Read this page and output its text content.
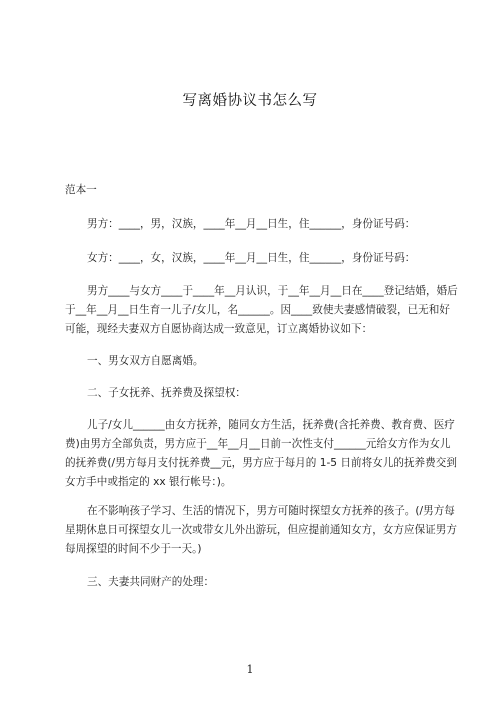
写离婚协议书怎么写
范本一
男方：____，男，汉族，____年__月__日生，住______，身份证号码：
女方：____，女，汉族，____年__月__日生，住______，身份证号码：
男方____与女方____于____年__月认识，于__年__月__日在____登记结婚，婚后
于__年__月__日生育一儿子/女儿，名______。因____致使夫妻感情破裂，已无和好
可能，现经夫妻双方自愿协商达成一致意见，订立离婚协议如下：
一、男女双方自愿离婚。
二、子女抚养、抚养费及探望权：
儿子/女儿______由女方抚养，随同女方生活，抚养费(含托养费、教育费、医疗
费)由男方全部负责，男方应于__年__月__日前一次性支付______元给女方作为女儿
的抚养费(/男方每月支付抚养费__元，男方应于每月的 1-5 日前将女儿的抚养费交到
女方手中或指定的 xx 银行帐号：)。
在不影响孩子学习、生活的情况下，男方可随时探望女方抚养的孩子。(/男方每
星期休息日可探望女儿一次或带女儿外出游玩，但应提前通知女方，女方应保证男方
每周探望的时间不少于一天。)
三、夫妻共同财产的处理：
1
